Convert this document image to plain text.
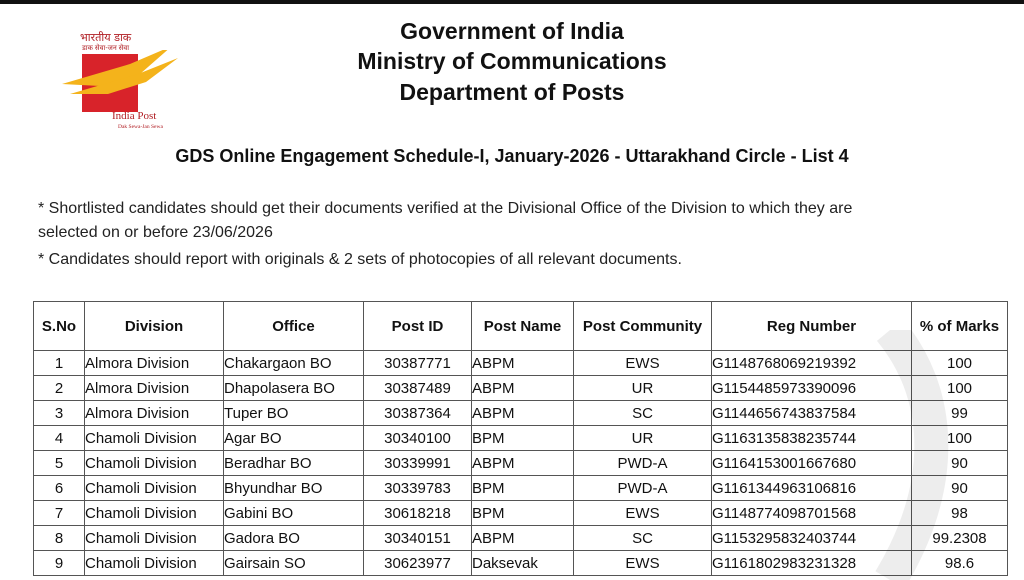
भारतीय डाक
डाक सेवा-जन सेवा
India Post
Dak Sewa-Jan Sewa
Government of India
Ministry of Communications
Department of Posts
GDS Online Engagement Schedule-I, January-2026 - Uttarakhand Circle - List 4
* Shortlisted candidates should get their documents verified at the Divisional Office of the Division to which they are
selected on or before 23/06/2026
* Candidates should report with originals & 2 sets of photocopies of all relevant documents.
S.No	Division	Office	Post ID	Post Name	Post Community	Reg Number	% of Marks
1	Almora Division	Chakargaon BO	30387771	ABPM	EWS	G1148768069219392	100
2	Almora Division	Dhapolasera BO	30387489	ABPM	UR	G1154485973390096	100
3	Almora Division	Tuper BO	30387364	ABPM	SC	G1144656743837584	99
4	Chamoli Division	Agar BO	30340100	BPM	UR	G1163135838235744	100
5	Chamoli Division	Beradhar BO	30339991	ABPM	PWD-A	G1164153001667680	90
6	Chamoli Division	Bhyundhar BO	30339783	BPM	PWD-A	G1161344963106816	90
7	Chamoli Division	Gabini BO	30618218	BPM	EWS	G1148774098701568	98
8	Chamoli Division	Gadora BO	30340151	ABPM	SC	G1153295832403744	99.2308
9	Chamoli Division	Gairsain SO	30623977	Daksevak	EWS	G1161802983231328	98.6
